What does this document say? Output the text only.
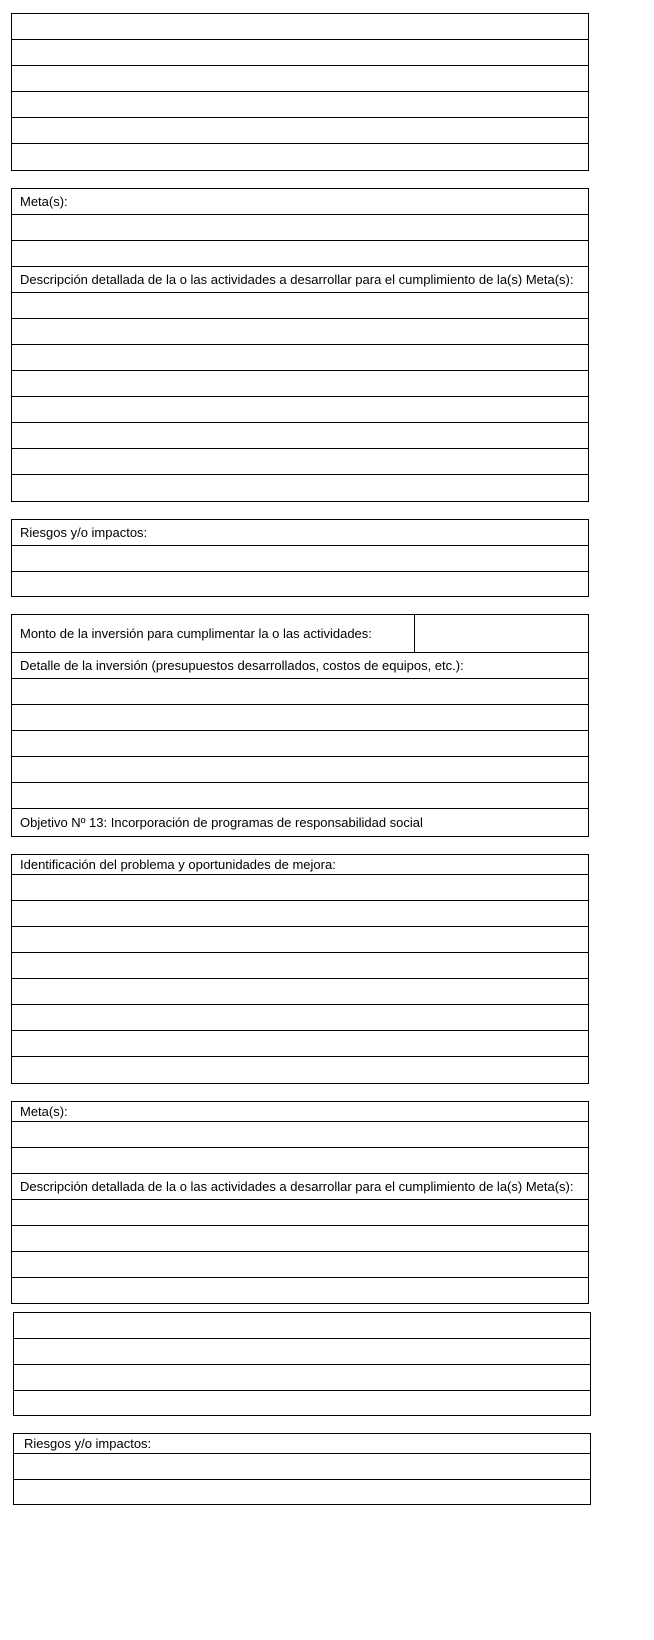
Meta(s):
Descripción detallada de la o las actividades a desarrollar para el cumplimiento de la(s) Meta(s):
Riesgos y/o impactos:
Monto de la inversión para cumplimentar la o las actividades:
Detalle de la inversión (presupuestos desarrollados, costos de equipos, etc.):
Objetivo Nº 13: Incorporación de programas de responsabilidad social
Identificación del problema y oportunidades de mejora:
Meta(s):
Descripción detallada de la o las actividades a desarrollar para el cumplimiento de la(s) Meta(s):
Riesgos y/o impactos:
